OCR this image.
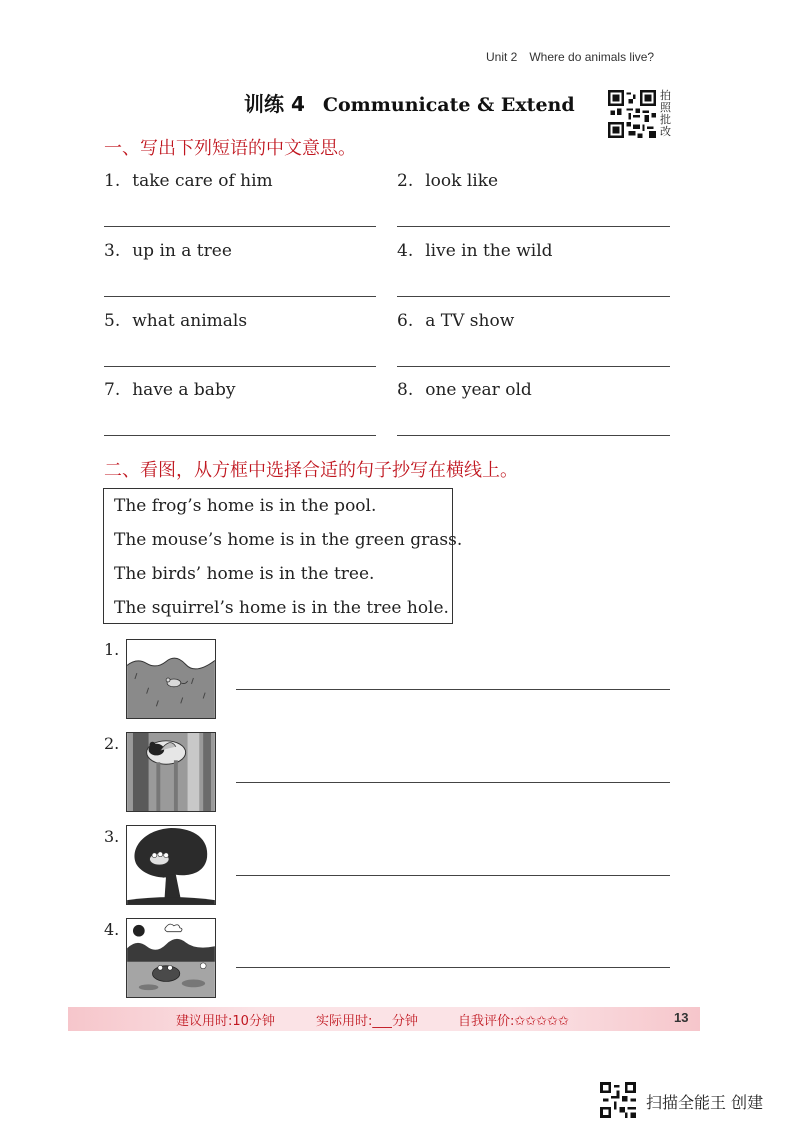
Unit 2 Where do animals live?
训练 4 Communicate & Extend	拍照批改
一、写出下列短语的中文意思。
1. take care of him	2. look like
3. up in a tree	4. live in the wild
5. what animals	6. a TV show
7. have a baby	8. one year old
二、看图，从方框中选择合适的句子抄写在横线上。
The frog’s home is in the pool.
The mouse’s home is in the green grass.
The birds’ home is in the tree.
The squirrel’s home is in the tree hole.
1.
2.
3.
4.
建议用时:10分钟	实际用时:___分钟	自我评价:✩✩✩✩✩	13
扫描全能王 创建
